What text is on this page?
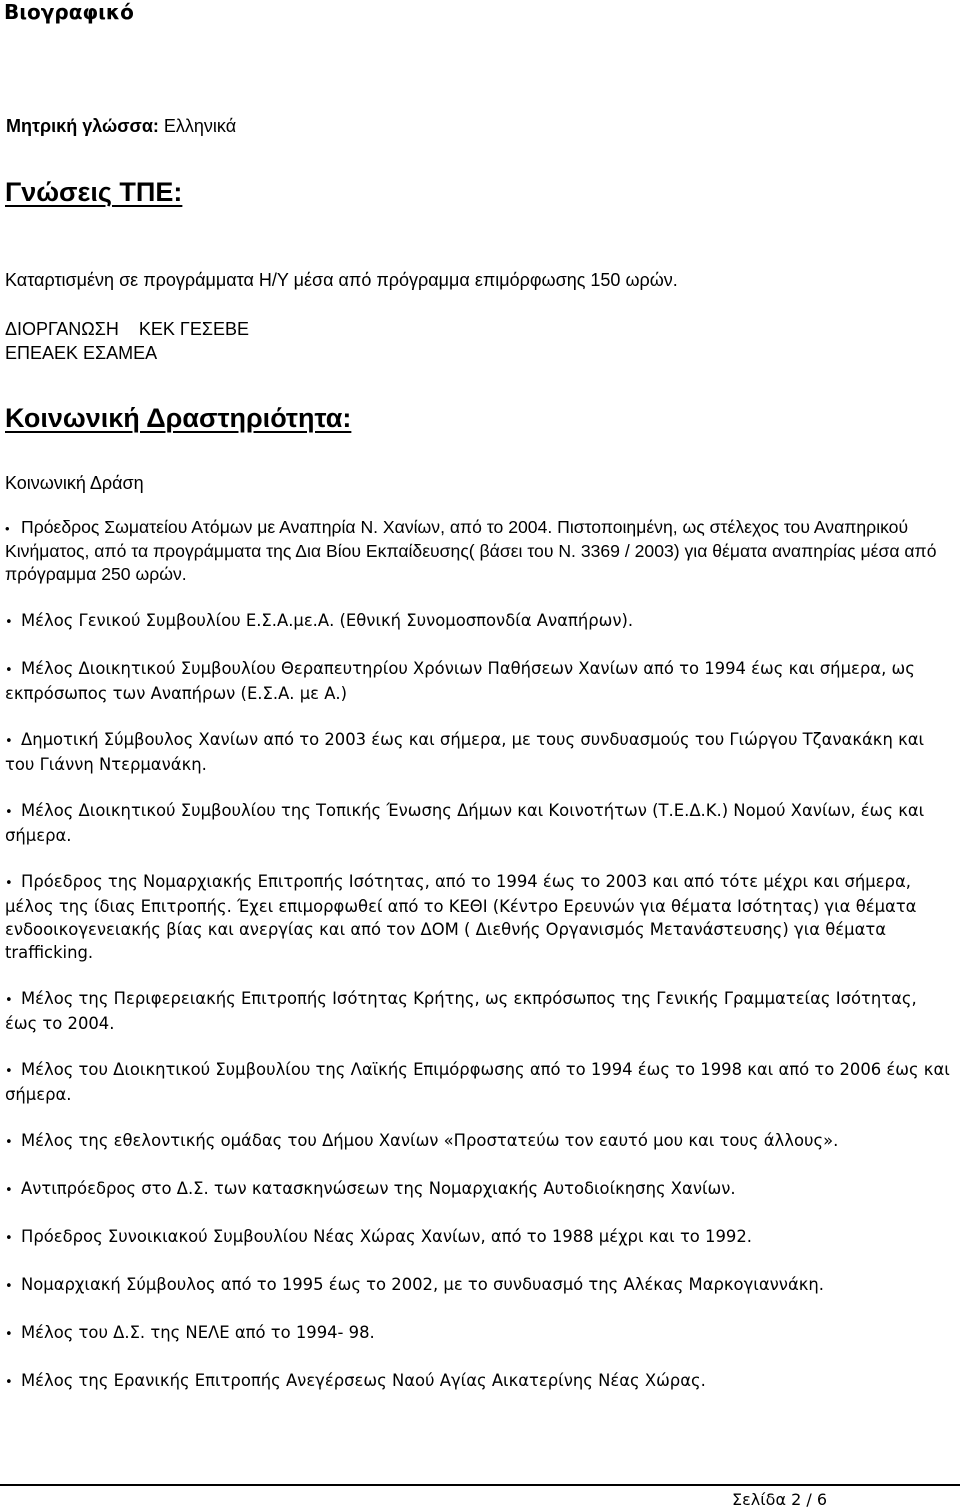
Βιογραφικό
Μητρική γλώσσα: Ελληνικά
Γνώσεις ΤΠΕ:
Καταρτισμένη σε προγράμματα Η/Υ μέσα από πρόγραμμα επιμόρφωσης 150 ωρών.
ΔΙΟΡΓΑΝΩΣΗ    ΚΕΚ ΓΕΣΕΒΕ
ΕΠΕΑΕΚ ΕΣΑΜΕΑ
Κοινωνική Δραστηριότητα:
Κοινωνική Δράση
• Πρόεδρος Σωματείου Ατόμων με Αναπηρία Ν. Χανίων, από το 2004. Πιστοποιημένη, ως στέλεχος του Αναπηρικού Κινήματος, από τα προγράμματα της Δια Βίου Εκπαίδευσης( βάσει του Ν. 3369 / 2003) για θέματα αναπηρίας μέσα από πρόγραμμα 250 ωρών.
• Μέλος Γενικού Συμβουλίου Ε.Σ.Α.με.Α. (Εθνική Συνομοσπονδία Αναπήρων).
• Μέλος Διοικητικού Συμβουλίου Θεραπευτηρίου Χρόνιων Παθήσεων Χανίων από το 1994 έως και σήμερα, ως εκπρόσωπος των Αναπήρων (Ε.Σ.Α. με Α.)
• Δημοτική Σύμβουλος Χανίων από το 2003 έως και σήμερα, με τους συνδυασμούς του Γιώργου Τζανακάκη και του Γιάννη Ντερμανάκη.
• Μέλος Διοικητικού Συμβουλίου της Τοπικής Ένωσης Δήμων και Κοινοτήτων (Τ.Ε.Δ.Κ.) Νομού Χανίων, έως και σήμερα.
• Πρόεδρος της Νομαρχιακής Επιτροπής Ισότητας, από το 1994 έως το 2003 και από τότε μέχρι και σήμερα, μέλος της ίδιας Επιτροπής. Έχει επιμορφωθεί από το ΚΕΘΙ (Κέντρο Ερευνών για θέματα Ισότητας) για θέματα ενδοοικογενειακής βίας και ανεργίας και από τον ΔΟΜ ( Διεθνής Οργανισμός Μετανάστευσης) για θέματα trafficking.
• Μέλος της Περιφερειακής Επιτροπής Ισότητας Κρήτης, ως εκπρόσωπος της Γενικής Γραμματείας Ισότητας, έως το 2004.
• Μέλος του Διοικητικού Συμβουλίου της Λαϊκής Επιμόρφωσης από το 1994 έως το 1998 και από το 2006 έως και σήμερα.
• Μέλος της εθελοντικής ομάδας του Δήμου Χανίων «Προστατεύω τον εαυτό μου και τους άλλους».
• Αντιπρόεδρος στο Δ.Σ. των κατασκηνώσεων της Νομαρχιακής Αυτοδιοίκησης Χανίων.
• Πρόεδρος Συνοικιακού Συμβουλίου Νέας Χώρας Χανίων, από το 1988 μέχρι και το 1992.
• Νομαρχιακή Σύμβουλος από το 1995 έως το 2002, με το συνδυασμό της Αλέκας Μαρκογιαννάκη.
• Μέλος του Δ.Σ. της ΝΕΛΕ από το 1994- 98.
• Μέλος της Ερανικής Επιτροπής Ανεγέρσεως Ναού Αγίας Αικατερίνης Νέας Χώρας.
Σελίδα 2 / 6
